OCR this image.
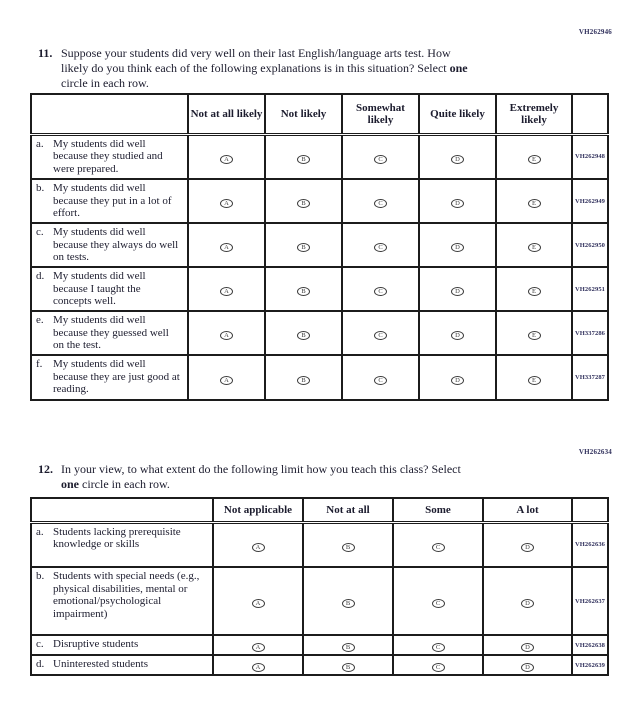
VH262946
11. Suppose your students did very well on their last English/language arts test. How
likely do you think each of the following explanations is in this situation? Select one
circle in each row.
	Not at all likely	Not likely	Somewhat likely	Quite likely	Extremely likely	

a. My students did well because they studied and were prepared.	A	B	C	D	E	VH262948

b. My students did well because they put in a lot of effort.	A	B	C	D	E	VH262949

c. My students did well because they always do well on tests.	A	B	C	D	E	VH262950

d. My students did well because I taught the concepts well.	A	B	C	D	E	VH262951

e. My students did well because they guessed well on the test.	A	B	C	D	E	VH337286

f. My students did well because they are just good at reading.	A	B	C	D	E	VH337287
VH262634
12. In your view, to what extent do the following limit how you teach this class? Select
one circle in each row.
	Not applicable	Not at all	Some	A lot	

a. Students lacking prerequisite knowledge or skills	A	B	C	D	VH262636

b. Students with special needs (e.g., physical disabilities, mental or emotional/psychological impairment)	A	B	C	D	VH262637

c. Disruptive students	A	B	C	D	VH262638

d. Uninterested students	A	B	C	D	VH262639
